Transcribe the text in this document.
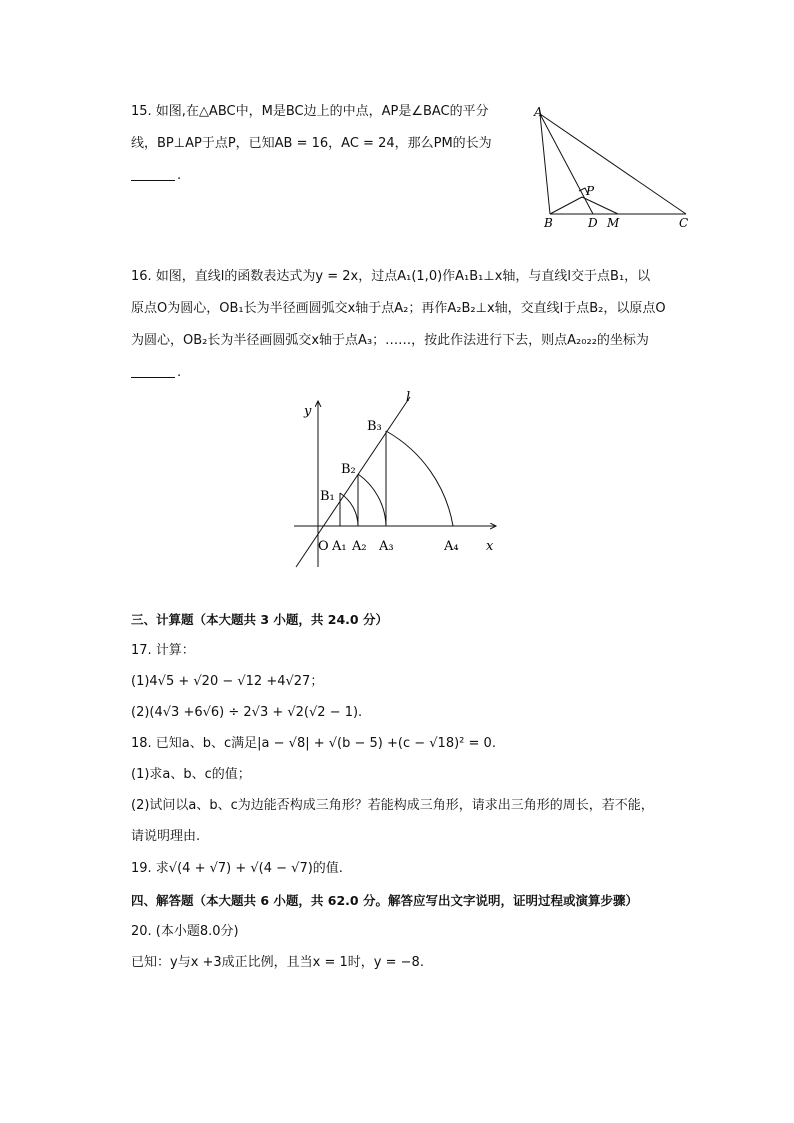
15. 如图,在△ABC中，M是BC边上的中点，AP是∠BAC的平分
线，BP⊥AP于点P，已知AB = 16，AC = 24，那么PM的长为
.
A
P
B	D M	C
16. 如图，直线l的函数表达式为y = 2x，过点A₁(1,0)作A₁B₁⊥x轴，与直线l交于点B₁，以
原点O为圆心，OB₁长为半径画圆弧交x轴于点A₂；再作A₂B₂⊥x轴，交直线l于点B₂，以原点O
为圆心，OB₂长为半径画圆弧交x轴于点A₃；……，按此作法进行下去，则点A₂₀₂₂的坐标为
.
y
x
l
O
B₁
B₂
B₃
A₁ A₂ A₃	A₄
三、计算题（本大题共 3 小题，共 24.0 分）
17. 计算：
(1)4√5 + √20 − √12 +4√27；
(2)(4√3 +6√6) ÷ 2√3 + √2(√2 − 1).
18. 已知a、b、c满足|a − √8| + √(b − 5) +(c − √18)² = 0.
(1)求a、b、c的值；
(2)试问以a、b、c为边能否构成三角形？若能构成三角形，请求出三角形的周长，若不能，
请说明理由.
19. 求√(4 + √7) + √(4 − √7)的值.
四、解答题（本大题共 6 小题，共 62.0 分。解答应写出文字说明，证明过程或演算步骤）
20. (本小题8.0分)
已知：y与x +3成正比例，且当x = 1时，y = −8.
